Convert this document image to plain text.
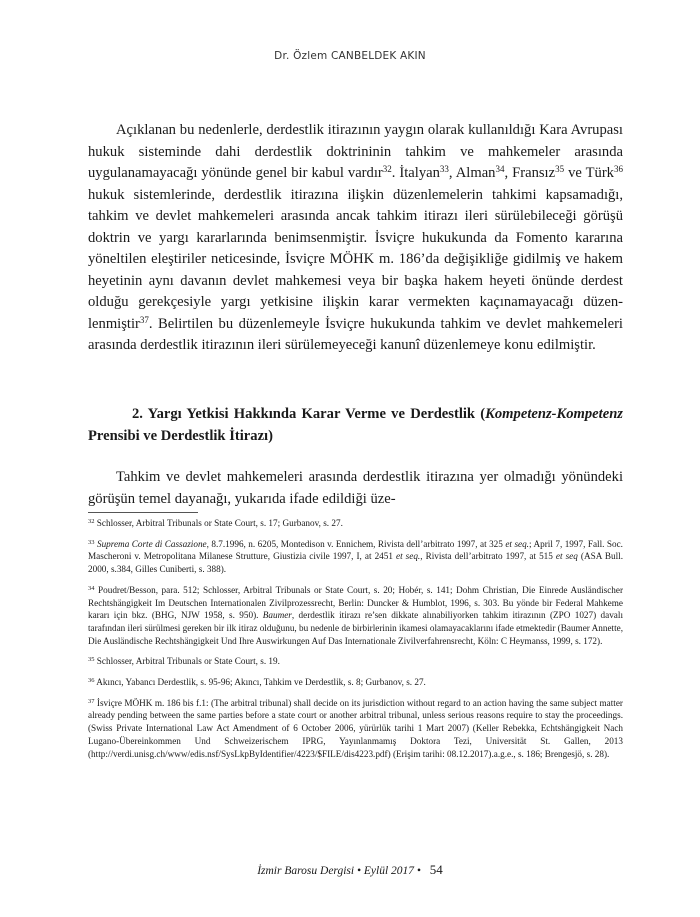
Dr. Özlem CANBELDEK AKIN
Açıklanan bu nedenlerle, derdestlik itirazının yaygın olarak kullanıldığı Kara Avrupası hukuk sisteminde dahi derdestlik doktrininin tahkim ve mahkemeler arasında uygulanamayacağı yönünde genel bir kabul vardır$^{32}$. İtalyan$^{33}$, Alman$^{34}$, Fransız$^{35}$ ve Türk$^{36}$ hukuk sistemlerinde, derdestlik itirazına ilişkin düzenlemelerin tahkimi kapsamadığı, tahkim ve devlet mahkemeleri arasında ancak tahkim itirazı ileri sürülebileceği görüşü doktrin ve yargı kararlarında benimsenmiştir. İsviçre hukukunda da Fomento kararına yöneltilen eleştiriler neticesinde, İsviçre MÖHK m. 186’da değişikliğe gidilmiş ve hakem heyetinin aynı davanın devlet mahkemesi veya bir başka hakem heyeti önünde derdest olduğu gerekçesiyle yargı yetkisine ilişkin karar vermekten kaçınamayacağı düzenlenmiştir$^{37}$. Belirtilen bu düzenlemeyle İsviçre hukukunda tahkim ve devlet mahkemeleri arasında derdestlik itirazının ileri sürülemeyeceği kanunî düzenlemeye konu edilmiştir.
2. Yargı Yetkisi Hakkında Karar Verme ve Derdestlik (Kompetenz-Kompetenz Prensibi ve Derdestlik İtirazı)
Tahkim ve devlet mahkemeleri arasında derdestlik itirazına yer olmadığı yönündeki görüşün temel dayanağı, yukarıda ifade edildiği üze-

$^{32}$ Schlosser, Arbitral Tribunals or State Court, s. 17; Gurbanov, s. 27.

$^{33}$ Suprema Corte di Cassazione, 8.7.1996, n. 6205, Montedison v. Ennichem, Rivista dell’arbitrato 1997, at 325 et seq.; April 7, 1997, Fall. Soc. Mascheroni v. Metropolitana Milanese Strutture, Giustizia civile 1997, I, at 2451 et seq., Rivista dell’arbitrato 1997, at 515 et seq (ASA Bull. 2000, s.384, Gilles Cuniberti, s. 388).

$^{34}$ Poudret/Besson, para. 512; Schlosser, Arbitral Tribunals or State Court, s. 20; Hobér, s. 141; Dohm Christian, Die Einrede Ausländischer Rechtshängigkeit Im Deutschen Internationalen Zivilprozessrecht, Berlin: Duncker & Humblot, 1996, s. 303. Bu yönde bir Federal Mahkeme kararı için bkz. (BHG, NJW 1958, s. 950). Baumer, derdestlik itirazı re’sen dikkate alınabiliyorken tahkim itirazının (ZPO 1027) davalı tarafından ileri sürülmesi gereken bir ilk itiraz olduğunu, bu nedenle de birbirlerinin ikamesi olamayacaklarını ifade etmektedir (Baumer Annette, Die Ausländische Rechtshängigkeit Und Ihre Auswirkungen Auf Das Internationale Zivilverfahrensrecht, Köln: C Heymanss, 1999, s. 172).

$^{35}$ Schlosser, Arbitral Tribunals or State Court, s. 19.

$^{36}$ Akıncı, Yabancı Derdestlik, s. 95-96; Akıncı, Tahkim ve Derdestlik, s. 8; Gurbanov, s. 27.

$^{37}$ İsviçre MÖHK m. 186 bis f.1: (The arbitral tribunal) shall decide on its jurisdiction without regard to an action having the same subject matter already pending between the same parties before a state court or another arbitral tribunal, unless serious reasons require to stay the proceedings. (Swiss Private International Law Act Amendment of 6 October 2006, yürürlük tarihi 1 Mart 2007) (Keller Rebekka, Echtshängigkeit Nach Lugano-Übereinkommen Und Schweizerischem IPRG, Yayınlanmamış Doktora Tezi, Universität St. Gallen, 2013 (http://verdi.unisg.ch/www/edis.nsf/SysLkpByIdentifier/4223/$FILE/dis4223.pdf) (Erişim tarihi: 08.12.2017).a.g.e., s. 186; Brengesjö, s. 28).

İzmir Barosu Dergisi • Eylül 2017 • 54
